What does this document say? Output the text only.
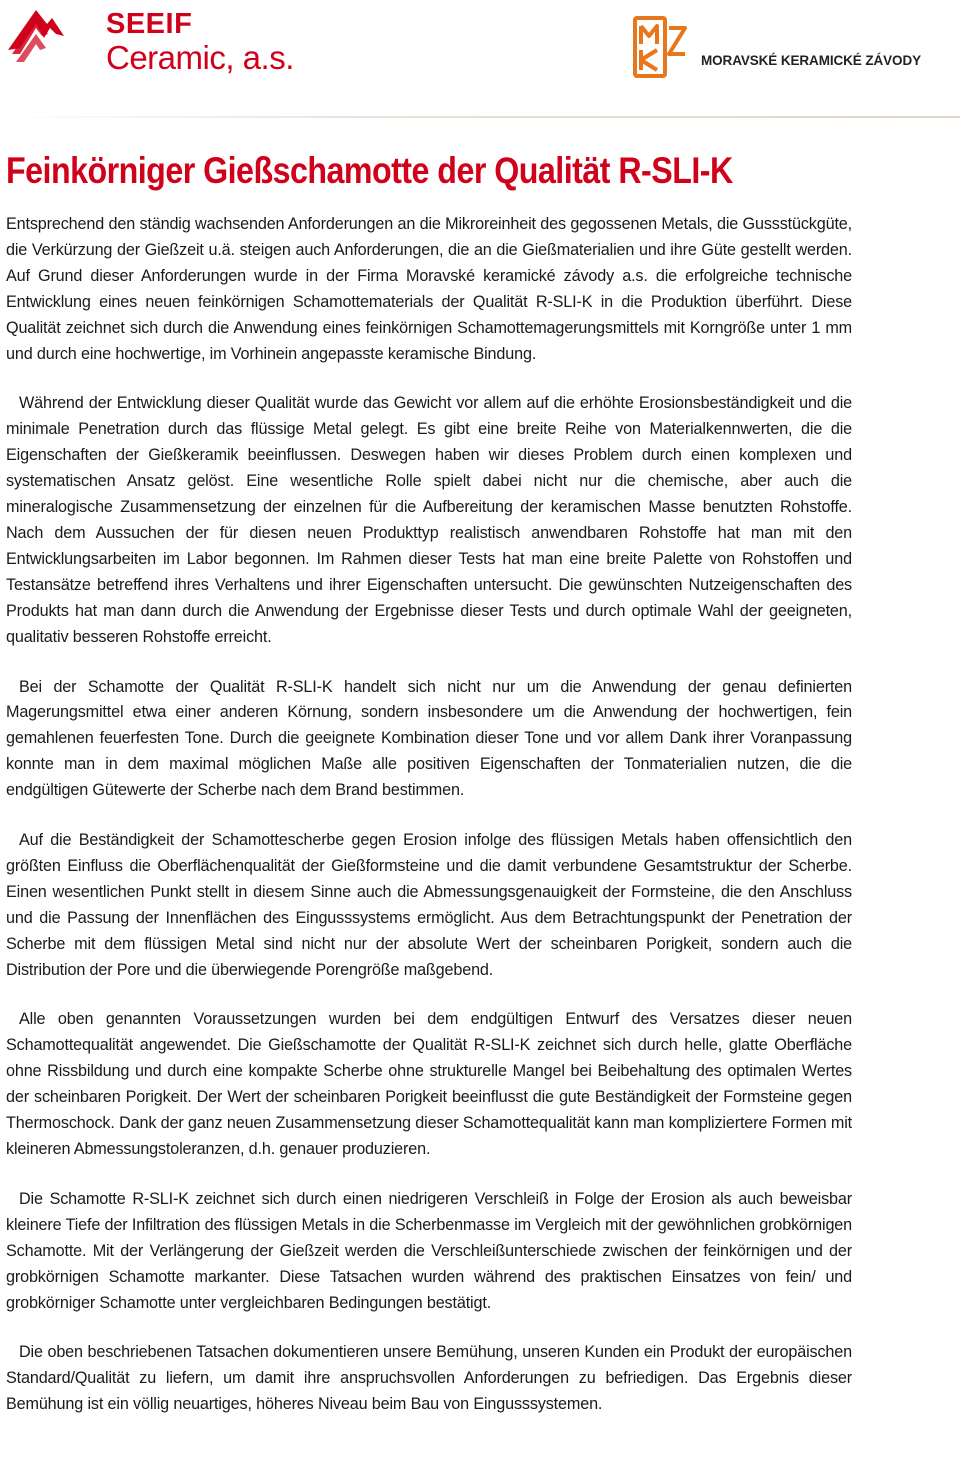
SEEIF
Ceramic, a.s.	MORAVSKÉ KERAMICKÉ ZÁVODY
Feinkörniger Gießschamotte der Qualität R-SLI-K

Entsprechend den ständig wachsenden Anforderungen an die Mikroreinheit des gegossenen Metals, die Gussstückgüte, die Verkürzung der Gießzeit u.ä. steigen auch Anforderungen, die an die Gießmaterialien und ihre Güte gestellt werden. Auf Grund dieser Anforderungen wurde in der Firma Moravské keramické závody a.s. die erfolgreiche technische Entwicklung eines neuen feinkörnigen Schamottematerials der Qualität R-SLI-K in die Produktion überführt. Diese Qualität zeichnet sich durch die Anwendung eines feinkörnigen Schamottemagerungsmittels mit Korngröße unter 1 mm und durch eine hochwertige, im Vorhinein angepasste keramische Bindung.

Während der Entwicklung dieser Qualität wurde das Gewicht vor allem auf die erhöhte Erosionsbeständigkeit und die minimale Penetration durch das flüssige Metal gelegt. Es gibt eine breite Reihe von Materialkennwerten, die die Eigenschaften der Gießkeramik beeinflussen. Deswegen haben wir dieses Problem durch einen komplexen und systematischen Ansatz gelöst. Eine wesentliche Rolle spielt dabei nicht nur die chemische, aber auch die mineralogische Zusammensetzung der einzelnen für die Aufbereitung der keramischen Masse benutzten Rohstoffe. Nach dem Aussuchen der für diesen neuen Produkttyp realistisch anwendbaren Rohstoffe hat man mit den Entwicklungsarbeiten im Labor begonnen. Im Rahmen dieser Tests hat man eine breite Palette von Rohstoffen und Testansätze betreffend ihres Verhaltens und ihrer Eigenschaften untersucht. Die gewünschten Nutzeigenschaften des Produkts hat man dann durch die Anwendung der Ergebnisse dieser Tests und durch optimale Wahl der geeigneten, qualitativ besseren Rohstoffe erreicht.

Bei der Schamotte der Qualität R-SLI-K handelt sich nicht nur um die Anwendung der genau definierten Magerungsmittel etwa einer anderen Körnung, sondern insbesondere um die Anwendung der hochwertigen, fein gemahlenen feuerfesten Tone. Durch die geeignete Kombination dieser Tone und vor allem Dank ihrer Voranpassung konnte man in dem maximal möglichen Maße alle positiven Eigenschaften der Tonmaterialien nutzen, die die endgültigen Gütewerte der Scherbe nach dem Brand bestimmen.

Auf die Beständigkeit der Schamottescherbe gegen Erosion infolge des flüssigen Metals haben offensichtlich den größten Einfluss die Oberflächenqualität der Gießformsteine und die damit verbundene Gesamtstruktur der Scherbe. Einen wesentlichen Punkt stellt in diesem Sinne auch die Abmessungsgenauigkeit der Formsteine, die den Anschluss und die Passung der Innenflächen des Eingusssystems ermöglicht. Aus dem Betrachtungspunkt der Penetration der Scherbe mit dem flüssigen Metal sind nicht nur der absolute Wert der scheinbaren Porigkeit, sondern auch die Distribution der Pore und die überwiegende Porengröße maßgebend.

Alle oben genannten Voraussetzungen wurden bei dem endgültigen Entwurf des Versatzes dieser neuen Schamottequalität angewendet. Die Gießschamotte der Qualität R-SLI-K zeichnet sich durch helle, glatte Oberfläche ohne Rissbildung und durch eine kompakte Scherbe ohne strukturelle Mangel bei Beibehaltung des optimalen Wertes der scheinbaren Porigkeit. Der Wert der scheinbaren Porigkeit beeinflusst die gute Beständigkeit der Formsteine gegen Thermoschock. Dank der ganz neuen Zusammensetzung dieser Schamottequalität kann man kompliziertere Formen mit kleineren Abmessungstoleranzen, d.h. genauer produzieren.

Die Schamotte R-SLI-K zeichnet sich durch einen niedrigeren Verschleiß in Folge der Erosion als auch beweisbar kleinere Tiefe der Infiltration des flüssigen Metals in die Scherbenmasse im Vergleich mit der gewöhnlichen grobkörnigen Schamotte. Mit der Verlängerung der Gießzeit werden die Verschleißunterschiede zwischen der feinkörnigen und der grobkörnigen Schamotte markanter. Diese Tatsachen wurden während des praktischen Einsatzes von fein/ und grobkörniger Schamotte unter vergleichbaren Bedingungen bestätigt.

Die oben beschriebenen Tatsachen dokumentieren unsere Bemühung, unseren Kunden ein Produkt der europäischen Standard/Qualität zu liefern, um damit ihre anspruchsvollen Anforderungen zu befriedigen. Das Ergebnis dieser Bemühung ist ein völlig neuartiges, höheres Niveau beim Bau von Eingusssystemen.
